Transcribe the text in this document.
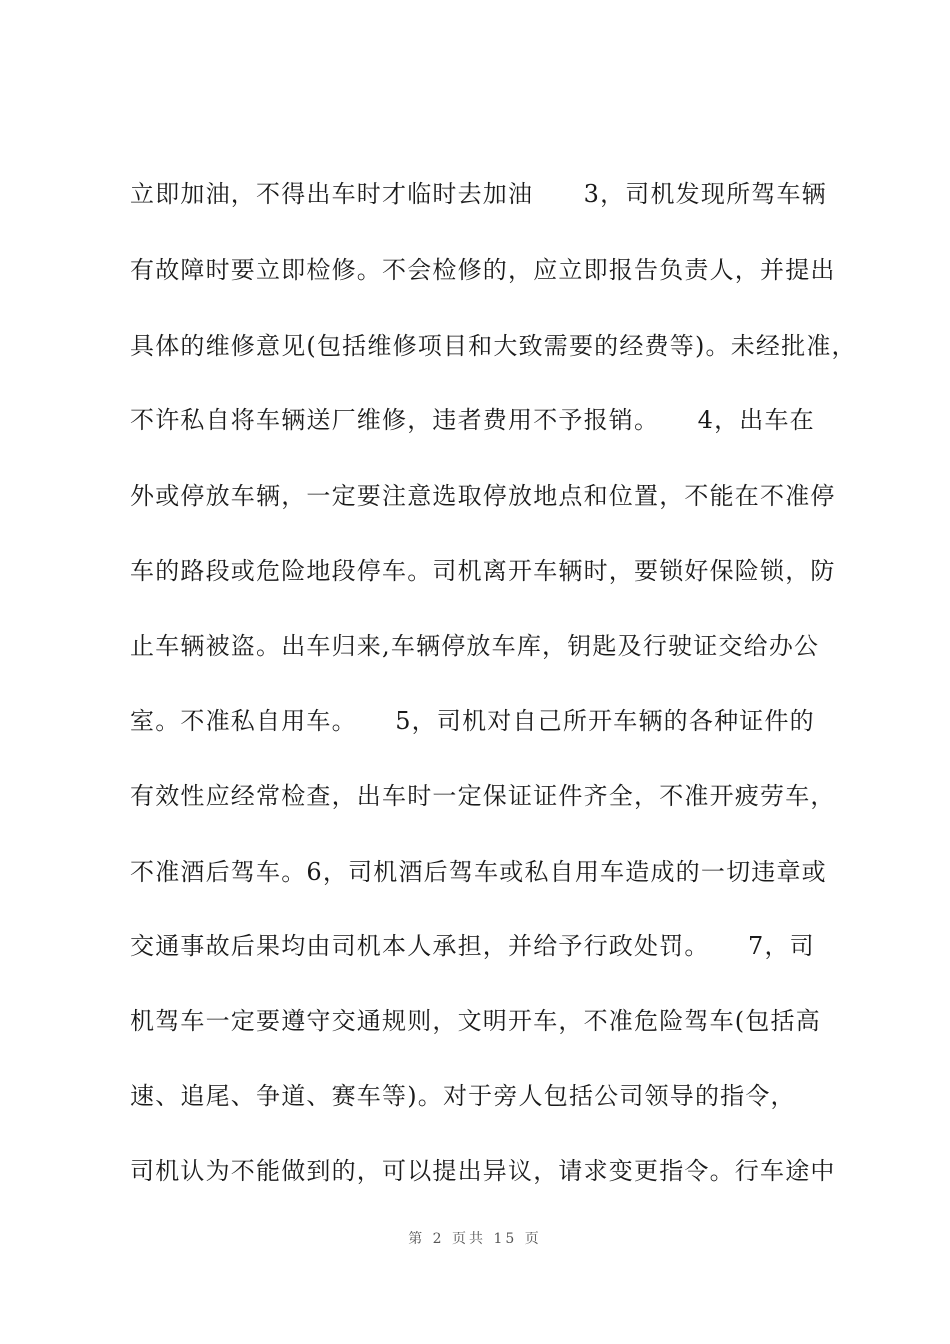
立即加油，不得出车时才临时去加油　　3，司机发现所驾车辆
有故障时要立即检修。不会检修的，应立即报告负责人，并提出
具体的维修意见(包括维修项目和大致需要的经费等)。未经批准，
不许私自将车辆送厂维修，违者费用不予报销。　　4，出车在
外或停放车辆，一定要注意选取停放地点和位置，不能在不准停
车的路段或危险地段停车。司机离开车辆时，要锁好保险锁，防
止车辆被盗。出车归来,车辆停放车库，钥匙及行驶证交给办公
室。不准私自用车。　　5，司机对自己所开车辆的各种证件的
有效性应经常检查，出车时一定保证证件齐全，不准开疲劳车，
不准酒后驾车。6，司机酒后驾车或私自用车造成的一切违章或
交通事故后果均由司机本人承担，并给予行政处罚。　　7，司
机驾车一定要遵守交通规则，文明开车，不准危险驾车(包括高
速、追尾、争道、赛车等)。对于旁人包括公司领导的指令，
司机认为不能做到的，可以提出异议，请求变更指令。行车途中
第 2 页共 15 页
